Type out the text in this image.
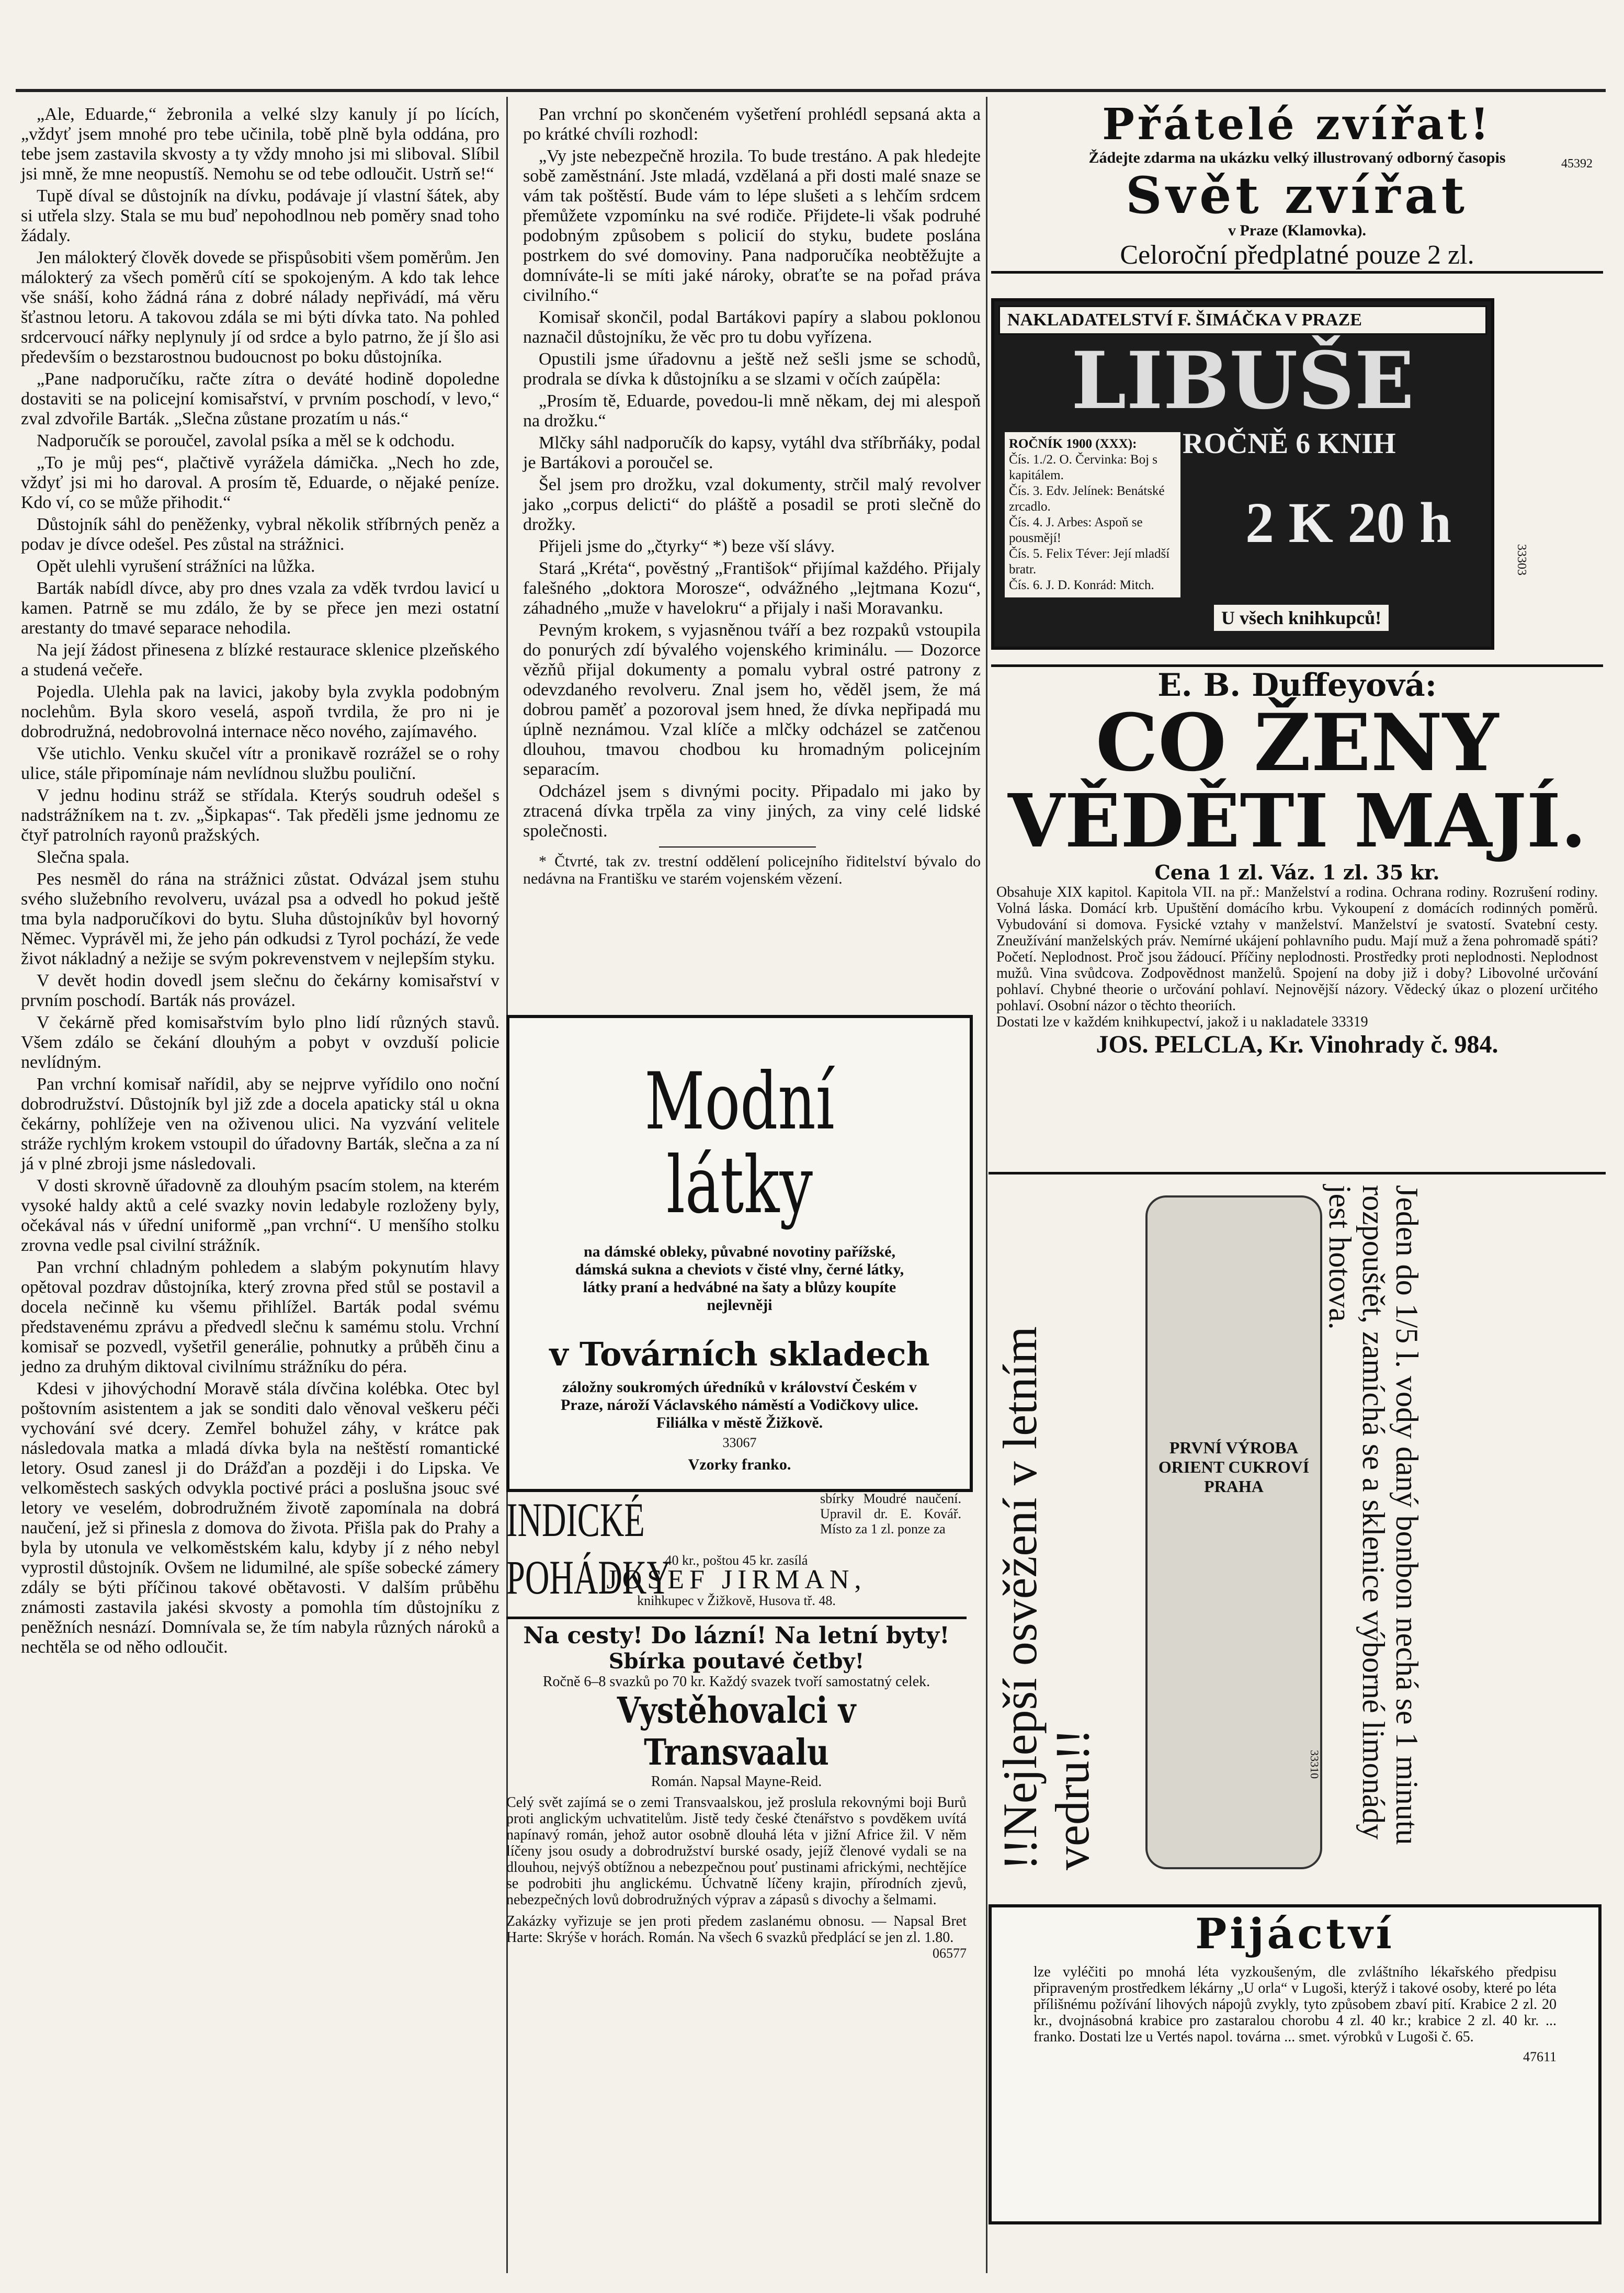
„Ale, Eduarde,“ žebronila a velké slzy kanuly jí po lících, „vždyť jsem mnohé pro tebe učinila, tobě plně byla oddána, pro tebe jsem zastavila skvosty a ty vždy mnoho jsi mi sliboval. Slíbil jsi mně, že mne neopustíš. Nemohu se od tebe odloučit. Ustrň se!“

Tupě díval se důstojník na dívku, podávaje jí vlastní šátek, aby si utřela slzy. Stala se mu buď nepohodlnou neb poměry snad toho žádaly.

Jen málokterý člověk dovede se přispůsobiti všem poměrům. Jen málokterý za všech poměrů cítí se spokojeným. A kdo tak lehce vše snáší, koho žádná rána z dobré nálady nepřivádí, má věru šťastnou letoru. A takovou zdála se mi býti dívka tato. Na pohled srdcervoucí nářky neplynuly jí od srdce a bylo patrno, že jí šlo asi především o bezstarostnou budoucnost po boku důstojníka.

„Pane nadporučíku, račte zítra o deváté hodině dopoledne dostaviti se na policejní komisařství, v prvním poschodí, v levo,“ zval zdvořile Barták. „Slečna zůstane prozatím u nás.“

Nadporučík se poroučel, zavolal psíka a měl se k odchodu.

„To je můj pes“, plačtivě vyrážela dámička. „Nech ho zde, vždyť jsi mi ho daroval. A prosím tě, Eduarde, o nějaké peníze. Kdo ví, co se může přihodit.“

Důstojník sáhl do peněženky, vybral několik stříbrných peněz a podav je dívce odešel. Pes zůstal na strážnici.

Opět ulehli vyrušení strážníci na lůžka.

Barták nabídl dívce, aby pro dnes vzala za vděk tvrdou lavicí u kamen. Patrně se mu zdálo, že by se přece jen mezi ostatní arestanty do tmavé separace nehodila.

Na její žádost přinesena z blízké restaurace sklenice plzeňského a studená večeře.

Pojedla. Ulehla pak na lavici, jakoby byla zvykla podobným noclehům. Byla skoro veselá, aspoň tvrdila, že pro ni je dobrodružná, nedobrovolná internace něco nového, zajímavého.

Vše utichlo. Venku skučel vítr a pronikavě rozrážel se o rohy ulice, stále připomínaje nám nevlídnou službu pouliční.

V jednu hodinu stráž se střídala. Kterýs soudruh odešel s nadstrážníkem na t. zv. „Šipkapas“. Tak předěli jsme jednomu ze čtyř patrolních rayonů pražských.

Slečna spala.

Pes nesměl do rána na strážnici zůstat. Odvázal jsem stuhu svého služebního revolveru, uvázal psa a odvedl ho pokud ještě tma byla nadporučíkovi do bytu. Sluha důstojníkův byl hovorný Němec. Vyprávěl mi, že jeho pán odkudsi z Tyrol pochází, že vede život nákladný a nežije se svým pokrevenstvem v nejlepším styku.

V devět hodin dovedl jsem slečnu do čekárny komisařství v prvním poschodí. Barták nás provázel.

V čekárně před komisařstvím bylo plno lidí různých stavů. Všem zdálo se čekání dlouhým a pobyt v ovzduší policie nevlídným.

Pan vrchní komisař nařídil, aby se nejprve vyřídilo ono noční dobrodružství. Důstojník byl již zde a docela apaticky stál u okna čekárny, pohlížeje ven na oživenou ulici. Na vyzvání velitele stráže rychlým krokem vstoupil do úřadovny Barták, slečna a za ní já v plné zbroji jsme následovali.

V dosti skrovně úřadovně za dlouhým psacím stolem, na kterém vysoké haldy aktů a celé svazky novin ledabyle rozloženy byly, očekával nás v úřední uniformě „pan vrchní“. U menšího stolku zrovna vedle psal civilní strážník.

Pan vrchní chladným pohledem a slabým pokynutím hlavy opětoval pozdrav důstojníka, který zrovna před stůl se postavil a docela nečinně ku všemu přihlížel. Barták podal svému představenému zprávu a předvedl slečnu k samému stolu. Vrchní komisař se pozvedl, vyšetřil generálie, pohnutky a průběh činu a jedno za druhým diktoval civilnímu strážníku do péra.

Kdesi v jihovýchodní Moravě stála dívčina kolébka. Otec byl poštovním asistentem a jak se sonditi dalo věnoval veškeru péči vychování své dcery. Zemřel bohužel záhy, v krátce pak následovala matka a mladá dívka byla na neštěstí romantické letory. Osud zanesl ji do Drážďan a později i do Lipska. Ve velkoměstech saských odvykla poctivé práci a poslušna jsouc své letory ve veselém, dobrodružném životě zapomínala na dobrá naučení, jež si přinesla z domova do života. Přišla pak do Prahy a byla by utonula ve velkoměstském kalu, kdyby jí z ného nebyl vyprostil důstojník. Ovšem ne lidumilné, ale spíše sobecké zámery zdály se býti příčinou takové obětavosti. V dalším průběhu známosti zastavila jakési skvosty a pomohla tím důstojníku z peněžních nesnází. Domnívala se, že tím nabyla různých nároků a nechtěla se od něho odloučit.

Pan vrchní po skončeném vyšetření prohlédl sepsaná akta a po krátké chvíli rozhodl:

„Vy jste nebezpečně hrozila. To bude trestáno. A pak hledejte sobě zaměstnání. Jste mladá, vzdělaná a při dosti malé snaze se vám tak poštěstí. Bude vám to lépe slušeti a s lehčím srdcem přemůžete vzpomínku na své rodiče. Přijdete-li však podruhé podobným způsobem s policií do styku, budete poslána postrkem do své domoviny. Pana nadporučíka neobtěžujte a domníváte-li se míti jaké nároky, obraťte se na pořad práva civilního.“

Komisař skončil, podal Bartákovi papíry a slabou poklonou naznačil důstojníku, že věc pro tu dobu vyřízena.

Opustili jsme úřadovnu a ještě než sešli jsme se schodů, prodrala se dívka k důstojníku a se slzami v očích zaúpěla:

„Prosím tě, Eduarde, povedou-li mně někam, dej mi alespoň na drožku.“

Mlčky sáhl nadporučík do kapsy, vytáhl dva stříbrňáky, podal je Bartákovi a poroučel se.

Šel jsem pro drožku, vzal dokumenty, strčil malý revolver jako „corpus delicti“ do pláště a posadil se proti slečně do drožky.

Přijeli jsme do „čtyrky“ *) beze vší slávy.

Stará „Kréta“, pověstný „Františok“ přijímal každého. Přijaly falešného „doktora Morosze“, odvážného „lejtmana Kozu“, záhadného „muže v havelokru“ a přijaly i naši Moravanku.

Pevným krokem, s vyjasněnou tváří a bez rozpaků vstoupila do ponurých zdí bývalého vojenského kriminálu. — Dozorce vězňů přijal dokumenty a pomalu vybral ostré patrony z odevzdaného revolveru. Znal jsem ho, věděl jsem, že má dobrou paměť a pozoroval jsem hned, že dívka nepřipadá mu úplně neznámou. Vzal klíče a mlčky odcházel se zatčenou dlouhou, tmavou chodbou ku hromadným policejním separacím.

Odcházel jsem s divnými pocity. Připadalo mi jako by ztracená dívka trpěla za viny jiných, za viny celé lidské společnosti.

* Čtvrté, tak zv. trestní oddělení policejního řiditelství bývalo do nedávna na Františku ve starém vojenském vězení.

Modní látky
na dámské obleky, půvabné novotiny pařížské, dámská sukna a cheviots v čisté vlny, černé látky, látky praní a hedvábné na šaty a blůzy koupíte nejlevněji
v Továrních skladech
záložny soukromých úředníků v království Českém v Praze, nároží Václavského náměstí a Vodičkovy ulice. Filiálka v městě Žižkově.
33067
Vzorky franko.
INDICKÉ POHÁDKY
sbírky Moudré naučení. Upravil dr. E. Kovář. Místo za 1 zl. ponze za
40 kr., poštou 45 kr. zasílá
JOSEF JIRMAN,
knihkupec v Žižkově, Husova tř. 48.
Na cesty! Do lázní! Na letní byty!
Sbírka poutavé četby!
Ročně 6–8 svazků po 70 kr. Každý svazek tvoří samostatný celek.
Vystěhovalci v Transvaalu
Román. Napsal Mayne-Reid.
Celý svět zajímá se o zemi Transvaalskou, jež proslula rekovnými boji Burů proti anglickým uchvatitelům. Jistě tedy české čtenářstvo s povděkem uvítá napínavý román, jehož autor osobně dlouhá léta v jižní Africe žil. V něm líčeny jsou osudy a dobrodružství burské osady, jejíž členové vydali se na dlouhou, nejvýš obtížnou a nebezpečnou pouť pustinami africkými, nechtějíce se podrobiti jhu anglickému. Úchvatně líčeny krajin, přírodních zjevů, nebezpečných lovů dobrodružných výprav a zápasů s divochy a šelmami.
Zakázky vyřizuje se jen proti předem zaslanému obnosu. — Napsal Bret Harte: Skrýše v horách. Román. Na všech 6 svazků předplácí se jen zl. 1.80.
06577
Přátelé zvířat!
Žádejte zdarma na ukázku velký illustrovaný odborný časopis	45392
Svět zvířat
v Praze (Klamovka).
Celoroční předplatné pouze 2 zl.
NAKLADATELSTVÍ F. ŠIMÁČKA V PRAZE
LIBUŠE
ROČNĚ 6 KNIH
ROČNÍK 1900 (XXX):
Čís. 1./2. O. Červinka: Boj s kapitálem.
Čís. 3. Edv. Jelínek: Benátské zrcadlo.
Čís. 4. J. Arbes: Aspoň se pousmějí!
Čís. 5. Felix Téver: Její mladší bratr.
Čís. 6. J. D. Konrád: Mitch.
2 K 20 h
U všech knihkupců!
33303
E. B. Duffeyová:
CO ŽENY
VĚDĚTI MAJÍ.
Cena 1 zl. Váz. 1 zl. 35 kr.
Obsahuje XIX kapitol. Kapitola VII. na př.: Manželství a rodina. Ochrana rodiny. Rozrušení rodiny. Volná láska. Domácí krb. Upuštění domácího krbu. Vykoupení z domácích rodinných poměrů. Vybudování si domova. Fysické vztahy v manželství. Manželství je svatostí. Svatební cesty. Zneužívání manželských práv. Nemírné ukájení pohlavního pudu. Mají muž a žena pohromadě spáti? Početí. Neplodnost. Proč jsou žádoucí. Příčiny neplodnosti. Prostředky proti neplodnosti. Neplodnost mužů. Vina svůdcova. Zodpovědnost manželů. Spojení na doby již i doby? Libovolné určování pohlaví. Chybné theorie o určování pohlaví. Nejnovější názory. Vědecký úkaz o plození určitého pohlaví. Osobní názor o těchto theoriích.
Dostati lze v každém knihkupectví, jakož i u nakladatele 33319
JOS. PELCLA, Kr. Vinohrady č. 984.
!!Nejlepší osvěžení v letním vedru!!
PRVNÍ VÝROBA ORIENT CUKROVÍ PRAHA	Jeden do 1/5 l. vody daný bonbon nechá se 1 minutu rozpouštět, zamíchá se a sklenice výborné limonády jest hotova.
33310
Pijáctví
lze vyléčiti po mnohá léta vyzkoušeným, dle zvláštního lékařského předpisu připraveným prostředkem lékárny „U orla“ v Lugoši, kterýž i takové osoby, které po léta přílišnému požívání lihových nápojů zvykly, tyto způsobem zbaví pití. Krabice 2 zl. 20 kr., dvojnásobná krabice pro zastaralou chorobu 4 zl. 40 kr.; krabice 2 zl. 40 kr. ... franko. Dostati lze u Vertés napol. továrna ... smet. výrobků v Lugoši č. 65.
47611
